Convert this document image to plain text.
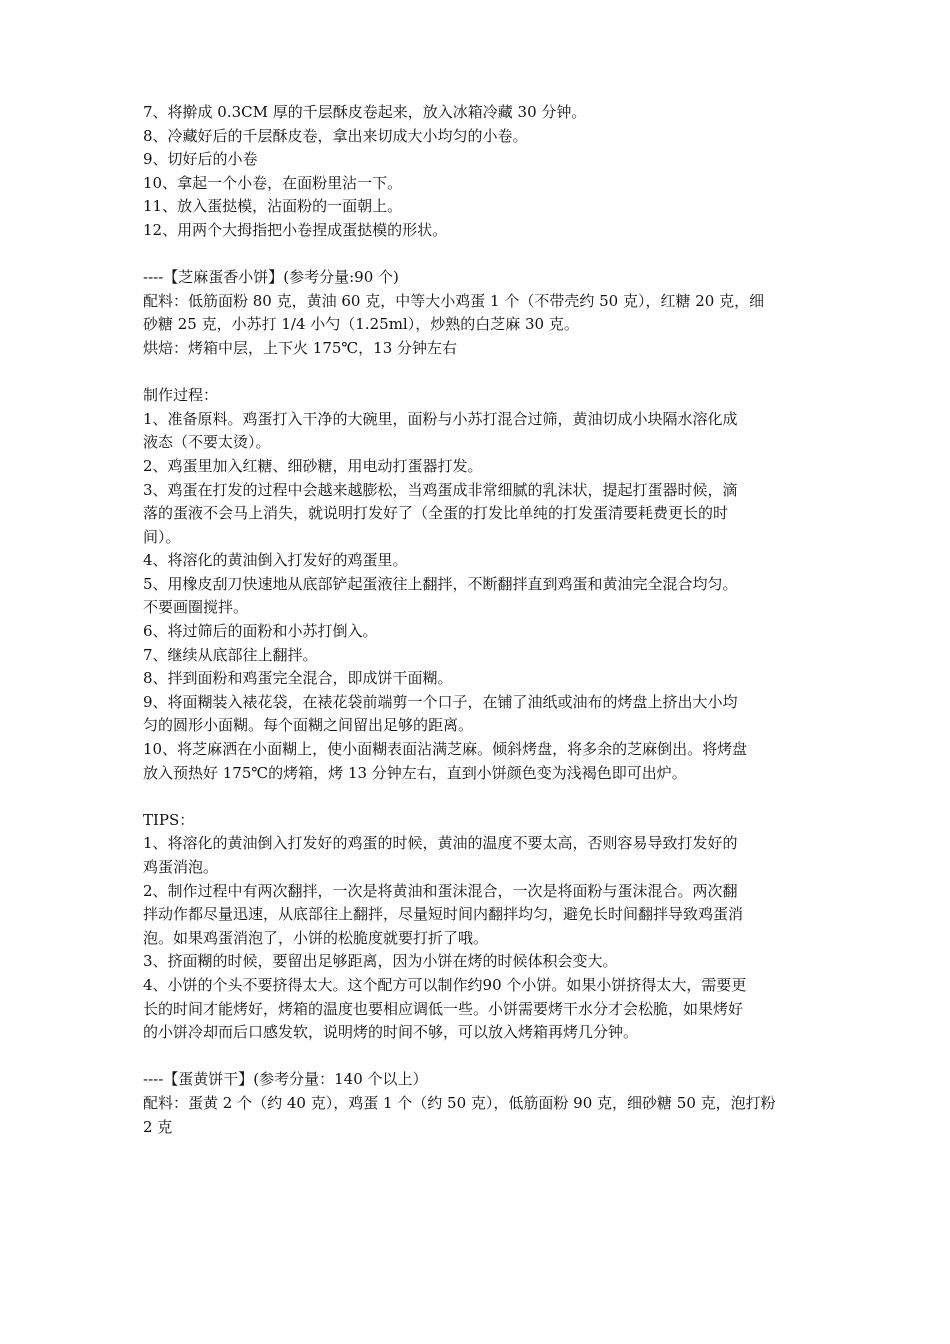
7、将擀成 0.3CM 厚的千层酥皮卷起来，放入冰箱冷藏 30 分钟。

8、冷藏好后的千层酥皮卷，拿出来切成大小均匀的小卷。

9、切好后的小卷

10、拿起一个小卷，在面粉里沾一下。

11、放入蛋挞模，沾面粉的一面朝上。

12、用两个大拇指把小卷捏成蛋挞模的形状。

----【芝麻蛋香小饼】(参考分量:90 个)

配料：低筋面粉 80 克，黄油 60 克，中等大小鸡蛋 1 个（不带壳约 50 克），红糖 20 克，细

砂糖 25 克，小苏打 1/4 小勺（1.25ml），炒熟的白芝麻 30 克。

烘焙：烤箱中层，上下火 175℃，13 分钟左右

制作过程：

1、准备原料。鸡蛋打入干净的大碗里，面粉与小苏打混合过筛，黄油切成小块隔水溶化成

液态（不要太烫）。

2、鸡蛋里加入红糖、细砂糖，用电动打蛋器打发。

3、鸡蛋在打发的过程中会越来越膨松，当鸡蛋成非常细腻的乳沫状，提起打蛋器时候，滴

落的蛋液不会马上消失，就说明打发好了（全蛋的打发比单纯的打发蛋清要耗费更长的时

间）。

4、将溶化的黄油倒入打发好的鸡蛋里。

5、用橡皮刮刀快速地从底部铲起蛋液往上翻拌，不断翻拌直到鸡蛋和黄油完全混合均匀。

不要画圈搅拌。

6、将过筛后的面粉和小苏打倒入。

7、继续从底部往上翻拌。

8、拌到面粉和鸡蛋完全混合，即成饼干面糊。

9、将面糊装入裱花袋，在裱花袋前端剪一个口子，在铺了油纸或油布的烤盘上挤出大小均

匀的圆形小面糊。每个面糊之间留出足够的距离。

10、将芝麻洒在小面糊上，使小面糊表面沾满芝麻。倾斜烤盘，将多余的芝麻倒出。将烤盘

放入预热好 175℃的烤箱，烤 13 分钟左右，直到小饼颜色变为浅褐色即可出炉。

TIPS：

1、将溶化的黄油倒入打发好的鸡蛋的时候，黄油的温度不要太高，否则容易导致打发好的

鸡蛋消泡。

2、制作过程中有两次翻拌，一次是将黄油和蛋沫混合，一次是将面粉与蛋沫混合。两次翻

拌动作都尽量迅速，从底部往上翻拌，尽量短时间内翻拌均匀，避免长时间翻拌导致鸡蛋消

泡。如果鸡蛋消泡了，小饼的松脆度就要打折了哦。

3、挤面糊的时候，要留出足够距离，因为小饼在烤的时候体积会变大。

4、小饼的个头不要挤得太大。这个配方可以制作约90 个小饼。如果小饼挤得太大，需要更

长的时间才能烤好，烤箱的温度也要相应调低一些。小饼需要烤干水分才会松脆，如果烤好

的小饼冷却而后口感发软，说明烤的时间不够，可以放入烤箱再烤几分钟。

----【蛋黄饼干】(参考分量：140 个以上）

配料：蛋黄 2 个（约 40 克），鸡蛋 1 个（约 50 克），低筋面粉 90 克，细砂糖 50 克，泡打粉

2 克
